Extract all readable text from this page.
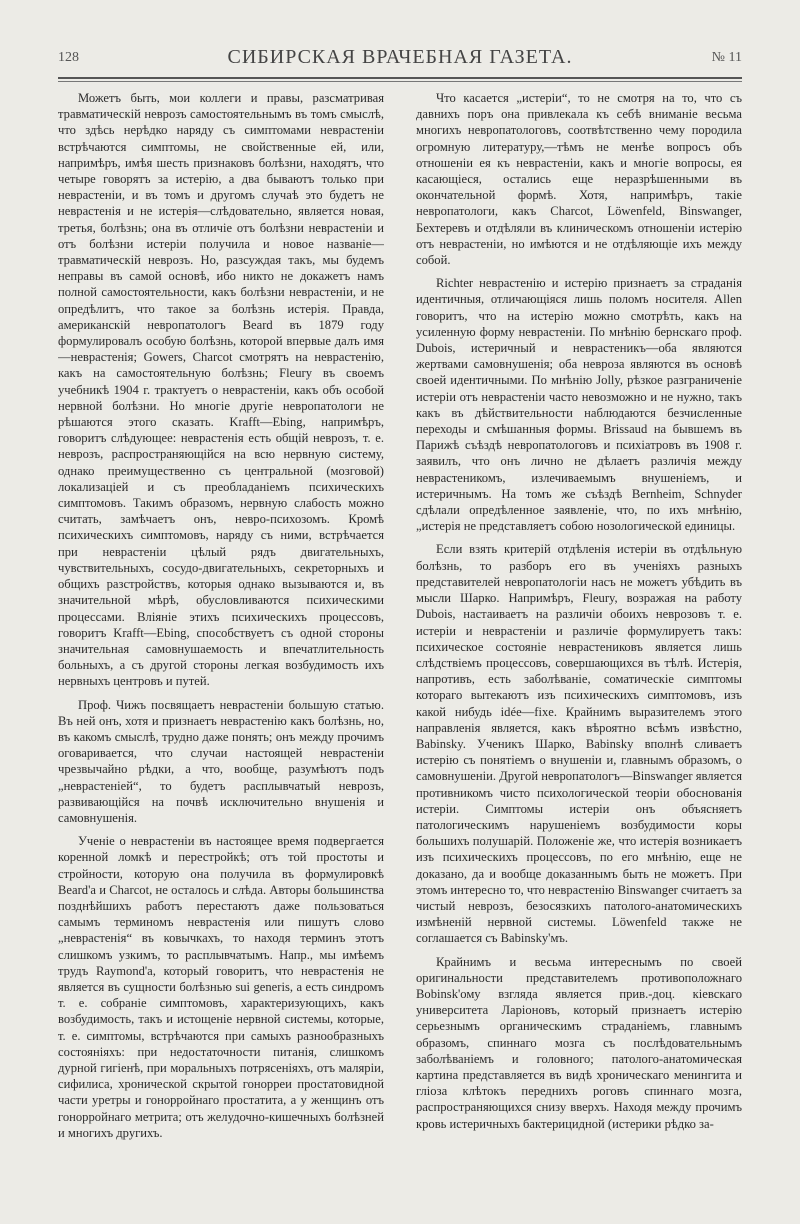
128	СИБИРСКАЯ ВРАЧЕБНАЯ ГАЗЕТА.	№ 11

Можетъ быть, мои коллеги и правы, разсматривая травматическій неврозъ самостоятельнымъ въ томъ смыслѣ, что здѣсь нерѣдко наряду съ симптомами неврастеніи встрѣчаются симптомы, не свойственные ей, или, напримѣръ, имѣя шесть признаковъ болѣзни, находятъ, что четыре говорятъ за истерію, а два бываютъ только при неврастеніи, и въ томъ и другомъ случаѣ это будетъ не неврастенія и не истерія—слѣдовательно, является новая, третья, болѣзнь; она въ отличіе отъ болѣзни неврастеніи и отъ болѣзни истеріи получила и новое названіе—травматическій неврозъ. Но, разсуждая такъ, мы будемъ неправы въ самой основѣ, ибо никто не докажетъ намъ полной самостоятельности, какъ болѣзни неврастеніи, и не опредѣлитъ, что такое за болѣзнь истерія. Правда, американскій невропатологъ Beard въ 1879 году формулировалъ особую болѣзнь, которой впервые далъ имя—неврастенія; Gowers, Charcot смотрятъ на неврастенію, какъ на самостоятельную болѣзнь; Fleury въ своемъ учебникѣ 1904 г. трактуетъ о неврастеніи, какъ объ особой нервной болѣзни. Но многіе другіе невропатологи не рѣшаются этого сказать. Krafft—Ebing, напримѣръ, говоритъ слѣдующее: неврастенія есть общій неврозъ, т. е. неврозъ, распространяющійся на всю нервную систему, однако преимущественно съ центральной (мозговой) локализаціей и съ преобладаніемъ психическихъ симптомовъ. Такимъ образомъ, нервную слабость можно считать, замѣчаетъ онъ, невро-психозомъ. Кромѣ психическихъ симптомовъ, наряду съ ними, встрѣчается при неврастеніи цѣлый рядъ двигательныхъ, чувствительныхъ, сосудо-двигательныхъ, секреторныхъ и общихъ разстройствъ, которыя однако вызываются и, въ значительной мѣрѣ, обусловливаются психическими процессами. Вліяніе этихъ психическихъ процессовъ, говоритъ Krafft—Ebing, способствуетъ съ одной стороны значительная самовнушаемость и впечатлительность больныхъ, а съ другой стороны легкая возбудимость ихъ нервныхъ центровъ и путей.

Проф. Чижъ посвящаетъ неврастеніи большую статью. Въ ней онъ, хотя и признаетъ неврастенію какъ болѣзнь, но, въ какомъ смыслѣ, трудно даже понять; онъ между прочимъ оговаривается, что случаи настоящей неврастеніи чрезвычайно рѣдки, а что, вообще, разумѣютъ подъ „неврастеніей“, то будетъ расплывчатый неврозъ, развивающійся на почвѣ исключительно внушенія и самовнушенія.

Ученіе о неврастеніи въ настоящее время подвергается коренной ломкѣ и перестройкѣ; отъ той простоты и стройности, которую она получила въ формулировкѣ Beard'а и Charcot, не осталось и слѣда. Авторы большинства позднѣйшихъ работъ перестаютъ даже пользоваться самымъ терминомъ неврастенія или пишутъ слово „неврастенія“ въ ковычкахъ, то находя терминъ этотъ слишкомъ узкимъ, то расплывчатымъ. Напр., мы имѣемъ трудъ Raymond'а, который говоритъ, что неврастенія не является въ сущности болѣзнью sui generis, а есть синдромъ т. е. собраніе симптомовъ, характеризующихъ, какъ возбудимость, такъ и истощеніе нервной системы, которые, т. е. симптомы, встрѣчаются при самыхъ разнообразныхъ состояніяхъ: при недостаточности питанія, слишкомъ дурной гигіенѣ, при моральныхъ потрясеніяхъ, отъ маляріи, сифилиса, хронической скрытой гонорреи простатовидной части уретры и гонорройнаго простатита, а у женщинъ отъ гонорройнаго метрита; отъ желудочно-кишечныхъ болѣзней и многихъ другихъ.

Что касается „истеріи“, то не смотря на то, что съ давнихъ поръ она привлекала къ себѣ вниманіе весьма многихъ невропатологовъ, соотвѣтственно чему породила огромную литературу,—тѣмъ не менѣе вопросъ объ отношеніи ея къ неврастеніи, какъ и многіе вопросы, ея касающіеся, остались еще неразрѣшенными въ окончательной формѣ. Хотя, напримѣръ, такіе невропатологи, какъ Charcot, Löwenfeld, Binswanger, Бехтеревъ и отдѣляли въ клиническомъ отношеніи истерію отъ неврастеніи, но имѣются и не отдѣляющіе ихъ между собой.

Richter неврастенію и истерію признаетъ за страданія идентичныя, отличающіяся лишь поломъ носителя. Allen говоритъ, что на истерію можно смотрѣть, какъ на усиленную форму неврастеніи. По мнѣнію бернскаго проф. Dubois, истеричный и неврастеникъ—оба являются жертвами самовнушенія; оба невроза являются въ основѣ своей идентичными. По мнѣнію Jolly, рѣзкое разграниченіе истеріи отъ неврастеніи часто невозможно и не нужно, такъ какъ въ дѣйствительности наблюдаются безчисленные переходы и смѣшанныя формы. Brissaud на бывшемъ въ Парижѣ съѣздѣ невропатологовъ и психіатровъ въ 1908 г. заявилъ, что онъ лично не дѣлаетъ различія между неврастеникомъ, излечиваемымъ внушеніемъ, и истеричнымъ. На томъ же съѣздѣ Bernheim, Schnyder сдѣлали опредѣленное заявленіе, что, по ихъ мнѣнію, „истерія не представляетъ собою нозологической единицы.

Если взять критерій отдѣленія истеріи въ отдѣльную болѣзнь, то разборъ его въ ученіяхъ разныхъ представителей невропатологіи насъ не можетъ убѣдить въ мысли Шарко. Напримѣръ, Fleury, возражая на работу Dubois, настаиваетъ на различіи обоихъ неврозовъ т. е. истеріи и неврастеніи и различіе формулируетъ такъ: психическое состояніе неврастениковъ является лишь слѣдствіемъ процессовъ, совершающихся въ тѣлѣ. Истерія, напротивъ, есть заболѣваніе, соматическіе симптомы котораго вытекаютъ изъ психическихъ симптомовъ, изъ какой нибудь idée—fixe. Крайнимъ выразителемъ этого направленія является, какъ вѣроятно всѣмъ извѣстно, Babinsky. Ученикъ Шарко, Babinsky вполнѣ сливаетъ истерію съ понятіемъ о внушеніи и, главнымъ образомъ, о самовнушеніи. Другой невропатологъ—Binswanger является противникомъ чисто психологической теоріи обоснованія истеріи. Симптомы истеріи онъ объясняетъ патологическимъ нарушеніемъ возбудимости коры большихъ полушарій. Положеніе же, что истерія возникаетъ изъ психическихъ процессовъ, по его мнѣнію, еще не доказано, да и вообще доказаннымъ быть не можетъ. При этомъ интересно то, что неврастенію Binswanger считаетъ за чистый неврозъ, безосязкихъ патолого-анатомическихъ измѣненій нервной системы. Löwenfeld также не соглашается съ Babinsky'мъ.

Крайнимъ и весьма интереснымъ по своей оригинальности представителемъ противоположнаго Bobinsk'ому взгляда является прив.-доц. кіевскаго университета Ларіоновъ, который признаетъ истерію серьезнымъ органическимъ страданіемъ, главнымъ образомъ, спиннаго мозга съ послѣдовательнымъ заболѣваніемъ и головного; патолого-анатомическая картина представляется въ видѣ хроническаго менингита и гліоза клѣтокъ переднихъ роговъ спиннаго мозга, распространяющихся снизу вверхъ. Находя между прочимъ кровь истеричныхъ бактерицидной (истерики рѣдко за-
